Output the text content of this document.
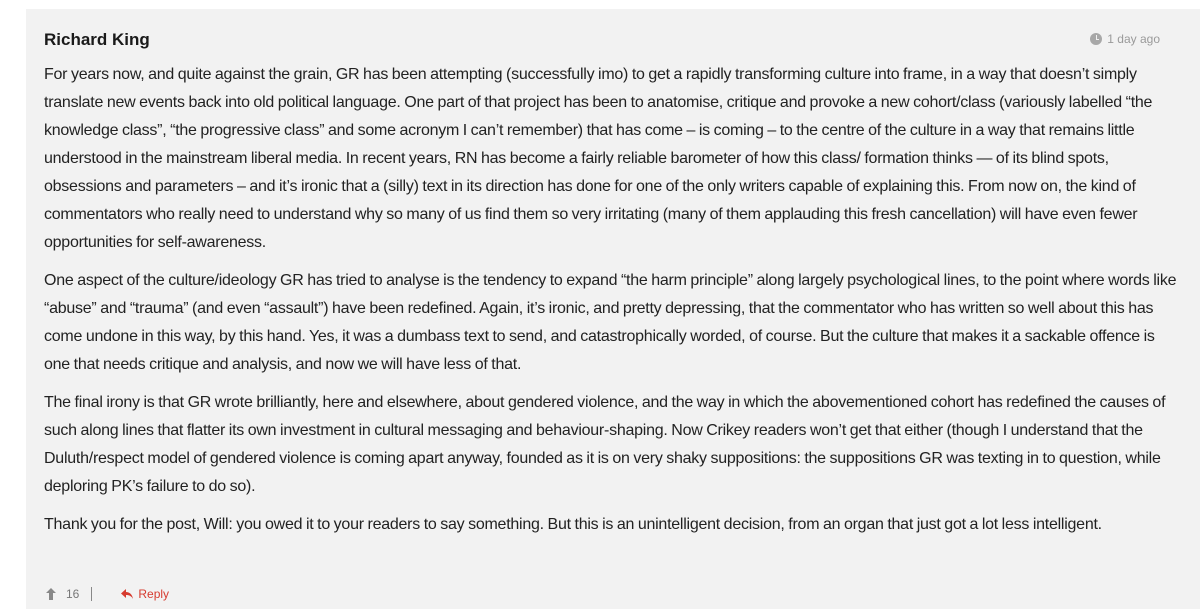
Richard King	1 day ago

For years now, and quite against the grain, GR has been attempting (successfully imo) to get a rapidly transforming culture into frame, in a way that doesn’t simply translate new events back into old political language. One part of that project has been to anatomise, critique and provoke a new cohort/class (variously labelled “the knowledge class”, “the progressive class” and some acronym I can’t remember) that has come – is coming – to the centre of the culture in a way that remains little understood in the mainstream liberal media. In recent years, RN has become a fairly reliable barometer of how this class/ formation thinks — of its blind spots, obsessions and parameters – and it’s ironic that a (silly) text in its direction has done for one of the only writers capable of explaining this. From now on, the kind of commentators who really need to understand why so many of us find them so very irritating (many of them applauding this fresh cancellation) will have even fewer opportunities for self-awareness.

One aspect of the culture/ideology GR has tried to analyse is the tendency to expand “the harm principle” along largely psychological lines, to the point where words like “abuse” and “trauma” (and even “assault”) have been redefined. Again, it’s ironic, and pretty depressing, that the commentator who has written so well about this has come undone in this way, by this hand. Yes, it was a dumbass text to send, and catastrophically worded, of course. But the culture that makes it a sackable offence is one that needs critique and analysis, and now we will have less of that.

The final irony is that GR wrote brilliantly, here and elsewhere, about gendered violence, and the way in which the abovementioned cohort has redefined the causes of such along lines that flatter its own investment in cultural messaging and behaviour-shaping. Now Crikey readers won’t get that either (though I understand that the Duluth/respect model of gendered violence is coming apart anyway, founded as it is on very shaky suppositions: the suppositions GR was texting in to question, while deploring PK’s failure to do so).

Thank you for the post, Will: you owed it to your readers to say something. But this is an unintelligent decision, from an organ that just got a lot less intelligent.

16	Reply
